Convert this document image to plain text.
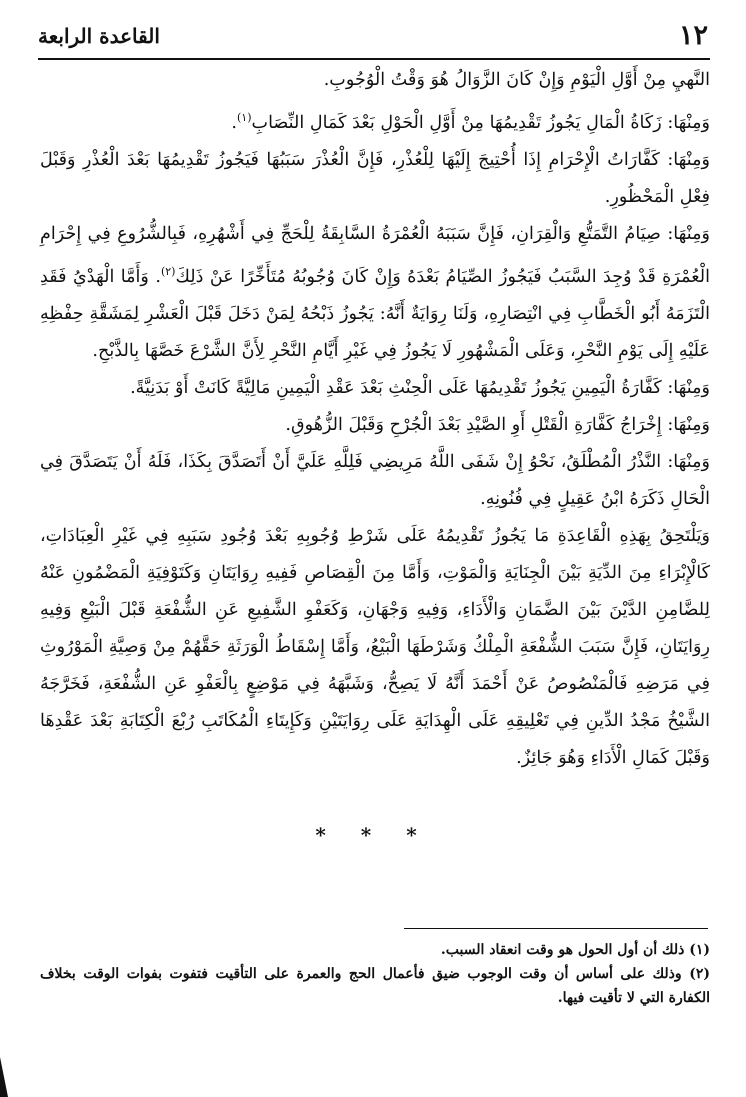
١٢
القاعدة الرابعة

النَّهيِ مِنْ أَوَّلِ الْيَوْمِ وَإِنْ كَانَ الزَّوَالُ هُوَ وَقْتُ الْوُجُوبِ.

وَمِنْهَا: زَكَاةُ الْمَالِ يَجُوزُ تَقْدِيمُهَا مِنْ أَوَّلِ الْحَوْلِ بَعْدَ كَمَالِ النِّصَابِ$^{(١)}$.

وَمِنْهَا: كَفَّارَاتُ الْإِحْرَامِ إِذَا أُحْتِيجَ إِلَيْهَا لِلْعُذْرِ، فَإِنَّ الْعُذْرَ سَبَبُهَا فَيَجُوزُ تَقْدِيمُهَا بَعْدَ الْعُذْرِ وَقَبْلَ فِعْلِ الْمَحْظُورِ.

وَمِنْهَا: صِيَامُ التَّمَتُّعِ وَالْقِرَانِ، فَإِنَّ سَبَبَهُ الْعُمْرَةُ السَّابِقَةُ لِلْحَجِّ فِي أَشْهُرِهِ، فَبِالشُّرُوعِ فِي إِحْرَامِ الْعُمْرَةِ قَدْ وُجِدَ السَّبَبُ فَيَجُوزُ الصِّيَامُ بَعْدَهُ وَإِنْ كَانَ وُجُوبُهُ مُتَأَخِّرًا عَنْ ذَلِكَ$^{(٢)}$. وَأَمَّا الْهَدْيُ فَقَدِ الْتَزَمَهُ أَبُو الْخَطَّابِ فِي انْتِصَارِهِ، وَلَنَا رِوَايَةٌ أَنَّهُ: يَجُوزُ ذَبْحُهُ لِمَنْ دَخَلَ قَبْلَ الْعَشْرِ لِمَشَقَّةِ حِفْظِهِ عَلَيْهِ إِلَى يَوْمِ النَّحْرِ، وَعَلَى الْمَشْهُورِ لَا يَجُوزُ فِي غَيْرِ أَيَّامِ النَّحْرِ لِأَنَّ الشَّرْعَ خَصَّهَا بِالذَّبْحِ.

وَمِنْهَا: كَفَّارَةُ الْيَمِينِ يَجُوزُ تَقْدِيمُهَا عَلَى الْحِنْثِ بَعْدَ عَقْدِ الْيَمِينِ مَالِيَّةً كَانَتْ أَوْ بَدَنِيَّةً.

وَمِنْهَا: إِخْرَاجُ كَفَّارَةِ الْقَتْلِ أَوِ الصَّيْدِ بَعْدَ الْجُرْحِ وَقَبْلَ الزُّهُوقِ.

وَمِنْهَا: النَّذْرُ الْمُطْلَقُ، نَحْوُ إِنْ شَفَى اللَّهُ مَرِيضِي فَلِلَّهِ عَلَيَّ أَنْ أَتَصَدَّقَ بِكَذَا، فَلَهُ أَنْ يَتَصَدَّقَ فِي الْحَالِ ذَكَرَهُ ابْنُ عَقِيلٍ فِي فُنُونِهِ.

وَيَلْتَحِقُ بِهَذِهِ الْقَاعِدَةِ مَا يَجُوزُ تَقْدِيمُهُ عَلَى شَرْطِ وُجُوبِهِ بَعْدَ وُجُودِ سَبَبِهِ فِي غَيْرِ الْعِبَادَاتِ، كَالْإِبْرَاءِ مِنَ الدِّيَةِ بَيْنَ الْجِنَايَةِ وَالْمَوْتِ، وَأَمَّا مِنَ الْقِصَاصِ فَفِيهِ رِوَايَتَانِ وَكَتَوْفِيَةِ الْمَضْمُونِ عَنْهُ لِلضَّامِنِ الدَّيْنَ بَيْنَ الضَّمَانِ وَالْأَدَاءِ، وَفِيهِ وَجْهَانِ، وَكَعَفْوِ الشَّفِيعِ عَنِ الشُّفْعَةِ قَبْلَ الْبَيْعِ وَفِيهِ رِوَايَتَانِ، فَإِنَّ سَبَبَ الشُّفْعَةِ الْمِلْكُ وَشَرْطَهَا الْبَيْعُ، وَأَمَّا إِسْقَاطُ الْوَرَثَةِ حَقَّهُمْ مِنْ وَصِيَّةِ الْمَوْرُوثِ فِي مَرَضِهِ فَالْمَنْصُوصُ عَنْ أَحْمَدَ أَنَّهُ لَا يَصِحُّ، وَشَبَّهَهُ فِي مَوْضِعٍ بِالْعَفْوِ عَنِ الشُّفْعَةِ، فَخَرَّجَهُ الشَّيْخُ مَجْدُ الدِّينِ فِي تَعْلِيقِهِ عَلَى الْهِدَايَةِ عَلَى رِوَايَتَيْنِ وَكَإِيتَاءِ الْمُكَاتَبِ رُبْعَ الْكِتَابَةِ بَعْدَ عَقْدِهَا وَقَبْلَ كَمَالِ الْأَدَاءِ وَهُوَ جَائِزٌ.

* * *

(١) ذلك أن أول الحول هو وقت انعقاد السبب.

(٢) وذلك على أساس أن وقت الوجوب ضيق فأعمال الحج والعمرة على التأقيت فتفوت بفوات الوقت بخلاف الكفارة التي لا تأقيت فيها.
